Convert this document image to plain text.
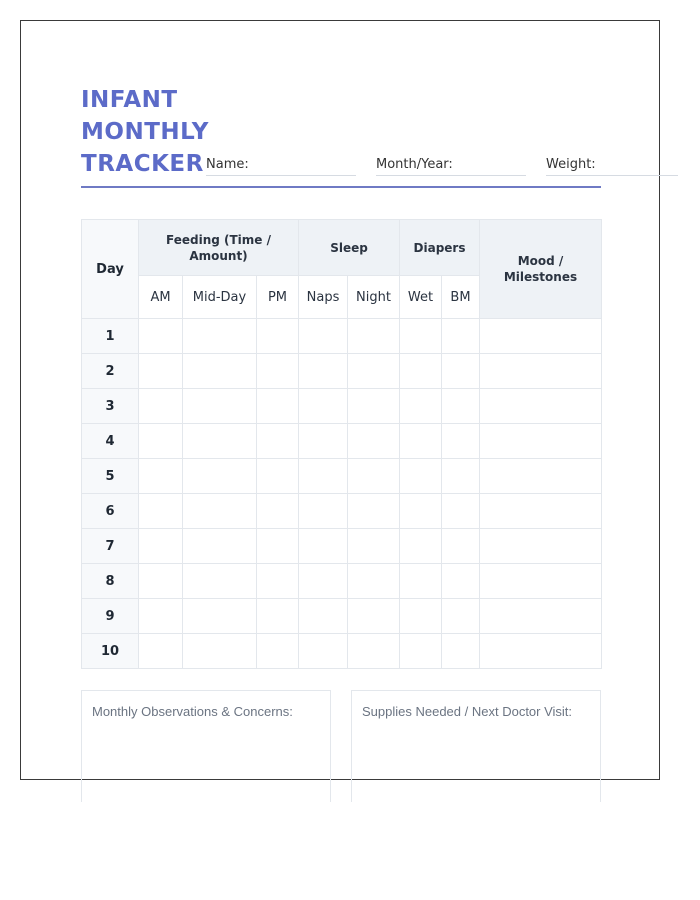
INFANT
MONTHLY
TRACKER Name:	Month/Year:	Weight:
Day	Feeding (Time / Amount)			Sleep		Diapers		Mood / Milestones
	AM	Mid-Day	PM	Naps	Night	Wet	BM	
1								
2								
3								
4								
5								
6								
7								
8								
9								
10								
Monthly Observations & Concerns:	Supplies Needed / Next Doctor Visit:
